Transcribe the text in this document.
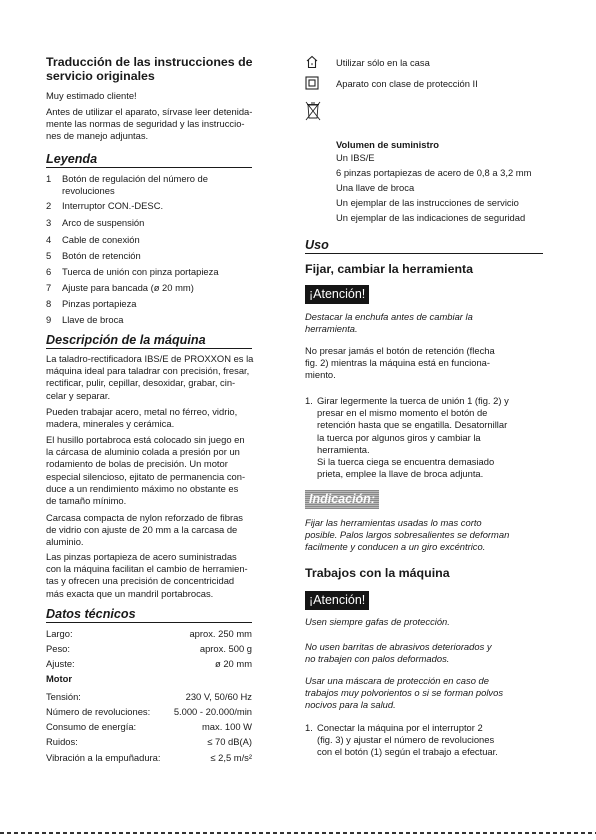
Traducción de las instrucciones de
servicio originales
Muy estimado cliente!
Antes de utilizar el aparato, sírvase leer detenida-
mente las normas de seguridad y las instruccio-
nes de manejo adjuntas.
Leyenda
1 Botón de regulación del número de
revoluciones
2 Interruptor CON.-DESC.
3 Arco de suspensión
4 Cable de conexión
5 Botón de retención
6 Tuerca de unión con pinza portapieza
7 Ajuste para bancada (ø 20 mm)
8 Pinzas portapieza
9 Llave de broca
Descripción de la máquina
La taladro-rectificadora IBS/E de PROXXON es la
máquina ideal para taladrar con precisión, fresar,
rectificar, pulir, cepillar, desoxidar, grabar, cin-
celar y separar.
Pueden trabajar acero, metal no férreo, vidrio,
madera, minerales y cerámica.
El husillo portabroca está colocado sin juego en
la cárcasa de aluminio colada a presión por un
rodamiento de bolas de precisión. Un motor
especial silencioso, ejitato de permanencia con-
duce a un rendimiento máximo no obstante es
de tamaño mínimo.
Carcasa compacta de nylon reforzado de fibras
de vidrio con ajuste de 20 mm a la carcasa de
aluminio.
Las pinzas portapieza de acero suministradas
con la máquina facilitan el cambio de herramien-
tas y ofrecen una precisión de concentricidad
más exacta que un mandril portabrocas.
Datos técnicos
Largo:	aprox. 250 mm
Peso:	aprox. 500 g
Ajuste:	ø 20 mm
Motor
Tensión:	230 V, 50/60 Hz
Número de revoluciones:	5.000 - 20.000/min
Consumo de energía:	max. 100 W
Ruidos:	≤ 70 dB(A)
Vibración a la empuñadura:	≤ 2,5 m/s²
Utilizar sólo en la casa
Aparato con clase de protección II
Volumen de suministro
Un IBS/E
6 pinzas portapiezas de acero de 0,8 a 3,2 mm
Una llave de broca
Un ejemplar de las instrucciones de servicio
Un ejemplar de las indicaciones de seguridad
Uso
Fijar, cambiar la herramienta
¡Atención!
Destacar la enchufa antes de cambiar la
herramienta.
No presar jamás el botón de retención (flecha
fig. 2) mientras la máquina está en funciona-
miento.
1. Girar legermente la tuerca de unión 1 (fig. 2) y
presar en el mismo momento el botón de
retención hasta que se engatilla. Desatornillar
la tuerca por algunos giros y cambiar la
herramienta.
Si la tuerca ciega se encuentra demasiado
prieta, emplee la llave de broca adjunta.
Indicación:
Fijar las herramientas usadas lo mas corto
posible. Palos largos sobresalientes se deforman
facilmente y conducen a un giro excéntrico.
Trabajos con la máquina
¡Atención!
Usen siempre gafas de protección.
No usen barritas de abrasivos deteriorados y
no trabajen con palos deformados.
Usar una máscara de protección en caso de
trabajos muy polvorientos o si se forman polvos
nocivos para la salud.
1. Conectar la máquina por el interruptor 2
(fig. 3) y ajustar el número de revoluciones
con el botón (1) según el trabajo a efectuar.
